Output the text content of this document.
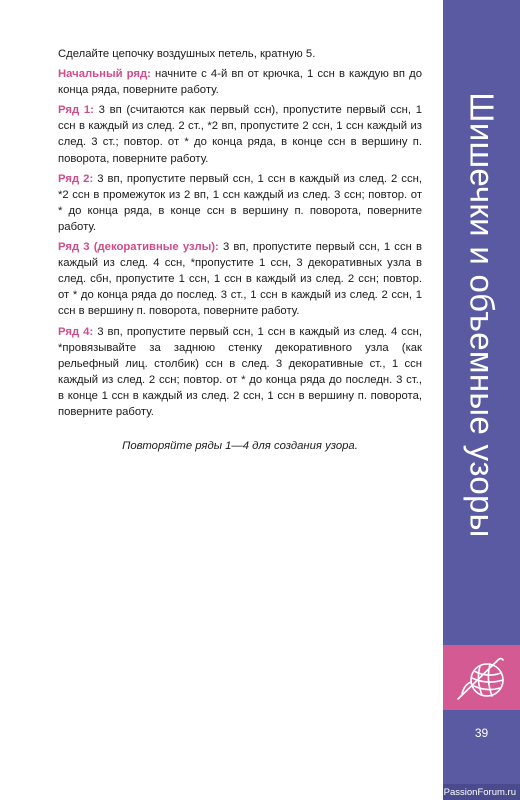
Сделайте цепочку воздушных петель, кратную 5.

Начальный ряд: начните с 4-й вп от крючка, 1 ссн в каждую вп до конца ряда, поверните работу.

Ряд 1: 3 вп (считаются как первый ссн), пропустите первый ссн, 1 ссн в каждый из след. 2 ст., *2 вп, пропустите 2 ссн, 1 ссн каждый из след. 3 ст.; повтор. от * до конца ряда, в конце ссн в вершину п. поворота, поверните работу.

Ряд 2: 3 вп, пропустите первый ссн, 1 ссн в каждый из след. 2 ссн, *2 ссн в промежуток из 2 вп, 1 ссн каждый из след. 3 ссн; повтор. от * до конца ряда, в конце ссн в вершину п. поворота, поверните работу.

Ряд 3 (декоративные узлы): 3 вп, пропустите первый ссн, 1 ссн в каждый из след. 4 ссн, *пропустите 1 ссн, 3 декоративных узла в след. сбн, пропустите 1 ссн, 1 ссн в каждый из след. 2 ссн; повтор. от * до конца ряда до послед. 3 ст., 1 ссн в каждый из след. 2 ссн, 1 ссн в вершину п. поворота, поверните работу.

Ряд 4: 3 вп, пропустите первый ссн, 1 ссн в каждый из след. 4 ссн, *провязывайте за заднюю стенку декоративного узла (как рельефный лиц. столбик) ссн в след. 3 декоративные ст., 1 ссн каждый из след. 2 ссн; повтор. от * до конца ряда до последн. 3 ст., в конце 1 ссн в каждый из след. 2 ссн, 1 ссн в вершину п. поворота, поверните работу.

Повторяйте ряды 1—4 для создания узора.	Шишечки и объемные узоры
39
PassionForum.ru
